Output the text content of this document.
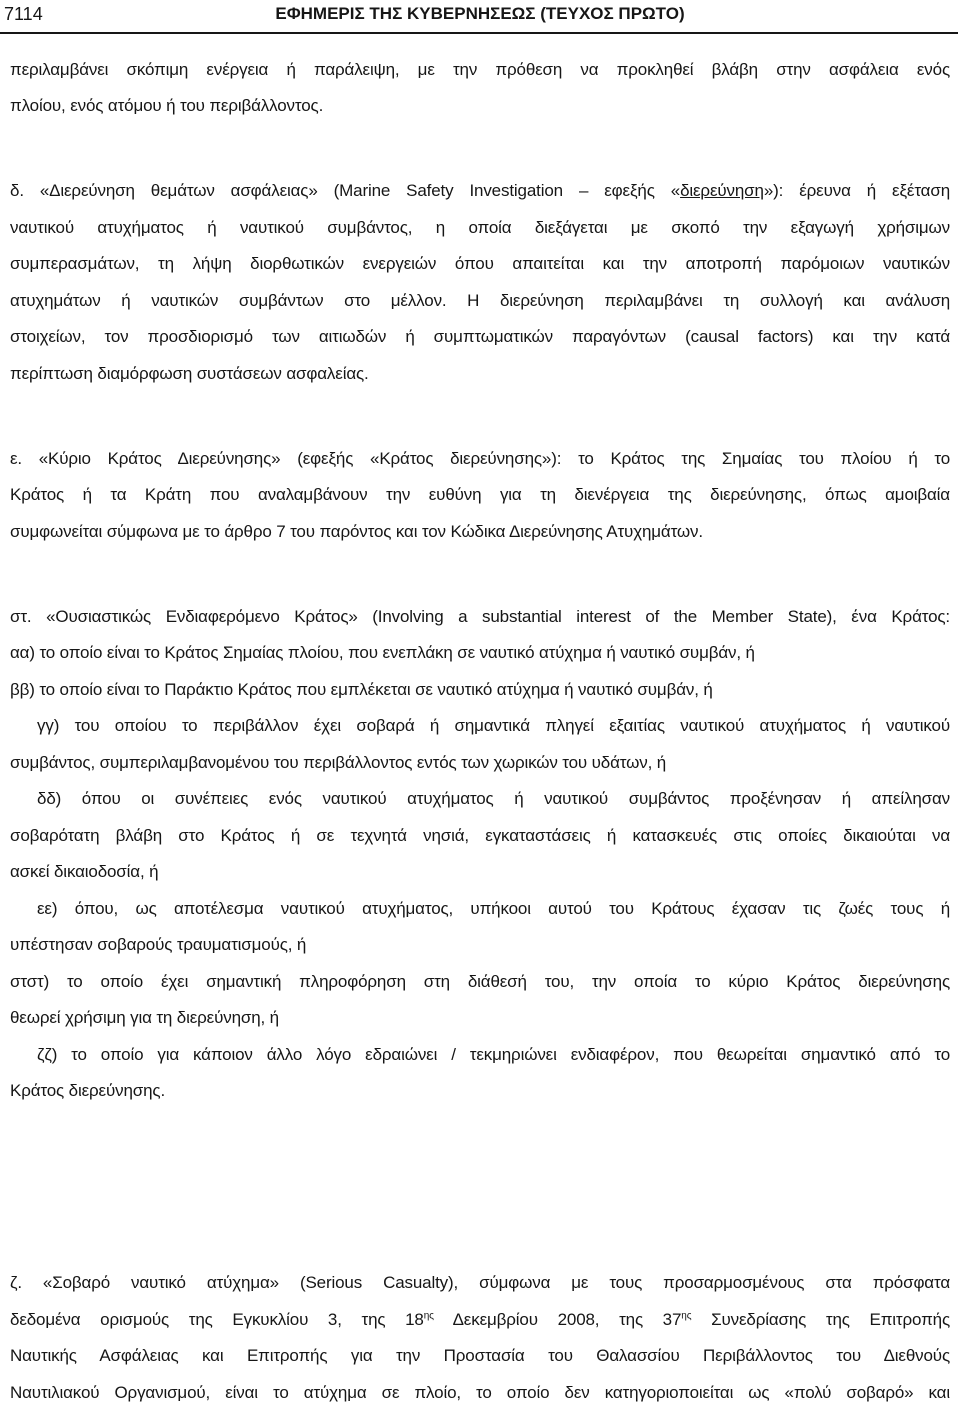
7114	ΕΦΗΜΕΡΙΣ ΤΗΣ ΚΥΒΕΡΝΗΣΕΩΣ (ΤΕΥΧΟΣ ΠΡΩΤΟ)
περιλαμβάνει σκόπιμη ενέργεια ή παράλειψη, με την πρόθεση να προκληθεί βλάβη στην ασφάλεια ενός
πλοίου, ενός ατόμου ή του περιβάλλοντος.
δ. «Διερεύνηση θεμάτων ασφάλειας» (Marine Safety Investigation – εφεξής «διερεύνηση»): έρευνα ή εξέταση
ναυτικού ατυχήματος ή ναυτικού συμβάντος, η οποία διεξάγεται με σκοπό την εξαγωγή χρήσιμων
συμπερασμάτων, τη λήψη διορθωτικών ενεργειών όπου απαιτείται και την αποτροπή παρόμοιων ναυτικών
ατυχημάτων ή ναυτικών συμβάντων στο μέλλον. Η διερεύνηση περιλαμβάνει τη συλλογή και ανάλυση
στοιχείων, τον προσδιορισμό των αιτιωδών ή συμπτωματικών παραγόντων (causal factors) και την κατά
περίπτωση διαμόρφωση συστάσεων ασφαλείας.
ε. «Κύριο Κράτος Διερεύνησης» (εφεξής «Κράτος διερεύνησης»): το Κράτος της Σημαίας του πλοίου ή το
Κράτος ή τα Κράτη που αναλαμβάνουν την ευθύνη για τη διενέργεια της διερεύνησης, όπως αμοιβαία
συμφωνείται σύμφωνα με το άρθρο 7 του παρόντος και τον Κώδικα Διερεύνησης Ατυχημάτων.
στ. «Ουσιαστικώς Ενδιαφερόμενο Κράτος» (Involving a substantial interest of the Member State), ένα Κράτος:
αα) το οποίο είναι το Κράτος Σημαίας πλοίου, που ενεπλάκη σε ναυτικό ατύχημα ή ναυτικό συμβάν, ή
ββ) το οποίο είναι το Παράκτιο Κράτος που εμπλέκεται σε ναυτικό ατύχημα ή ναυτικό συμβάν, ή
γγ) του οποίου το περιβάλλον έχει σοβαρά ή σημαντικά πληγεί εξαιτίας ναυτικού ατυχήματος ή ναυτικού
συμβάντος, συμπεριλαμβανομένου του περιβάλλοντος εντός των χωρικών του υδάτων, ή
δδ) όπου οι συνέπειες ενός ναυτικού ατυχήματος ή ναυτικού συμβάντος προξένησαν ή απείλησαν
σοβαρότατη βλάβη στο Κράτος ή σε τεχνητά νησιά, εγκαταστάσεις ή κατασκευές στις οποίες δικαιούται να
ασκεί δικαιοδοσία, ή
εε) όπου, ως αποτέλεσμα ναυτικού ατυχήματος, υπήκοοι αυτού του Κράτους έχασαν τις ζωές τους ή
υπέστησαν σοβαρούς τραυματισμούς, ή
στστ) το οποίο έχει σημαντική πληροφόρηση στη διάθεσή του, την οποία το κύριο Κράτος διερεύνησης
θεωρεί χρήσιμη για τη διερεύνηση, ή
ζζ) το οποίο για κάποιον άλλο λόγο εδραιώνει / τεκμηριώνει ενδιαφέρον, που θεωρείται σημαντικό από το
Κράτος διερεύνησης.
ζ. «Σοβαρό ναυτικό ατύχημα» (Serious Casualty), σύμφωνα με τους προσαρμοσμένους στα πρόσφατα
δεδομένα ορισμούς της Εγκυκλίου 3, της $18^{\eta\varsigma}$ Δεκεμβρίου 2008, της $37^{\eta\varsigma}$ Συνεδρίασης της Επιτροπής
Ναυτικής Ασφάλειας και Επιτροπής για την Προστασία του Θαλασσίου Περιβάλλοντος του Διεθνούς
Ναυτιλιακού Οργανισμού, είναι το ατύχημα σε πλοίο, το οποίο δεν κατηγοριοποιείται ως «πολύ σοβαρό» και
